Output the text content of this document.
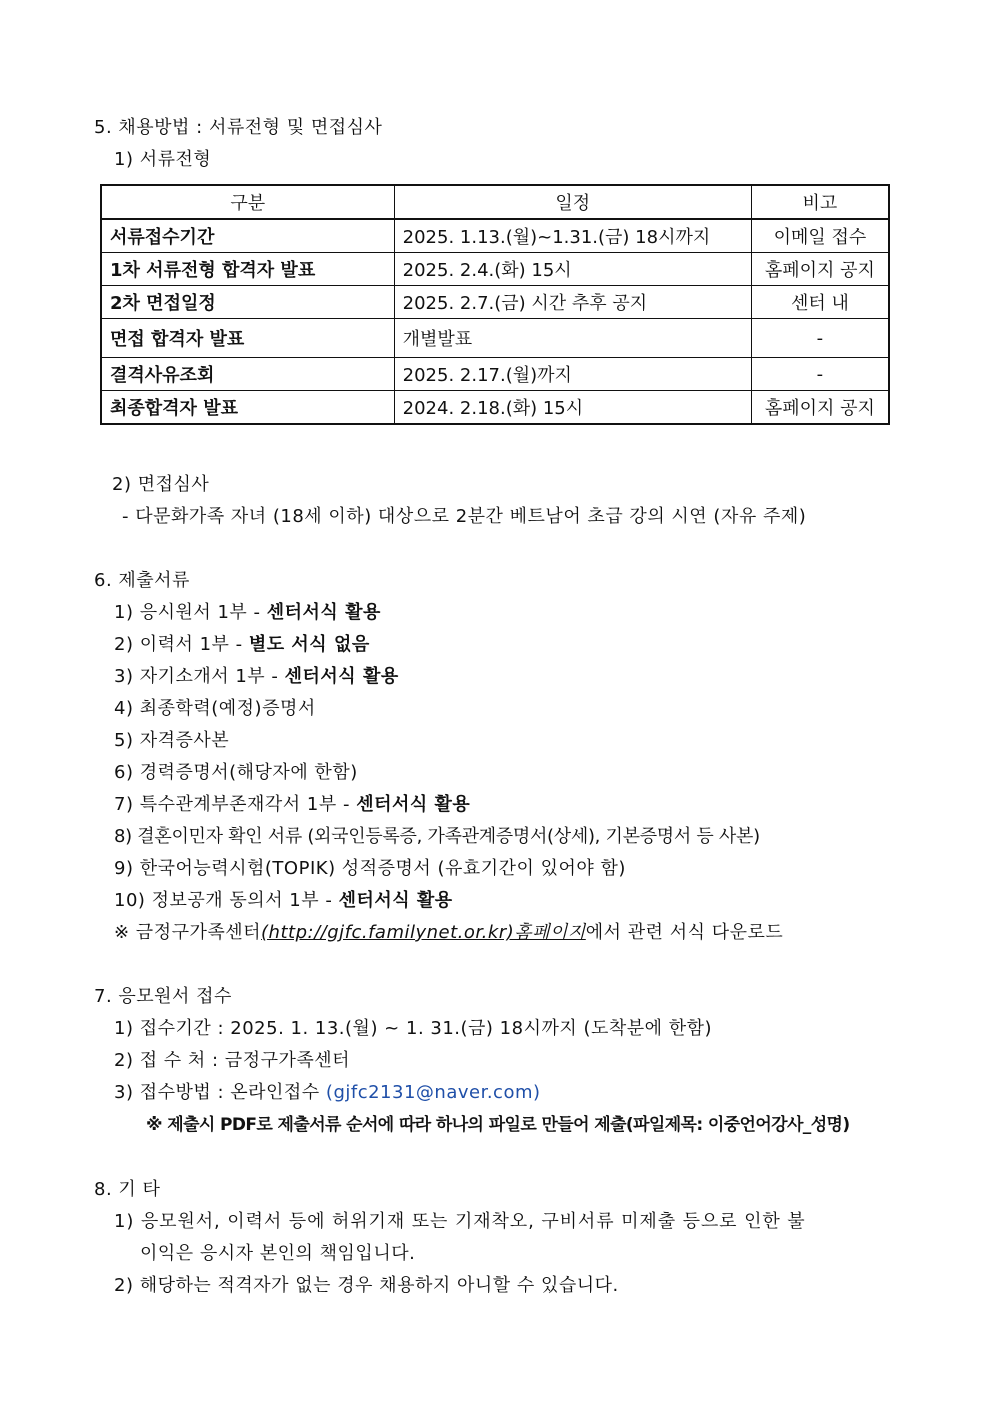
5. 채용방법 : 서류전형 및 면접심사
1) 서류전형
구분	일정	비고
서류접수기간	2025. 1.13.(월)~1.31.(금) 18시까지	이메일 접수
1차 서류전형 합격자 발표	2025. 2.4.(화) 15시	홈페이지 공지
2차 면접일정	2025. 2.7.(금) 시간 추후 공지	센터 내
면접 합격자 발표	개별발표	-
결격사유조회	2025. 2.17.(월)까지	-
최종합격자 발표	2024. 2.18.(화) 15시	홈페이지 공지
2) 면접심사
- 다문화가족 자녀 (18세 이하) 대상으로 2분간 베트남어 초급 강의 시연 (자유 주제)
6. 제출서류
1) 응시원서 1부 - 센터서식 활용
2) 이력서 1부 - 별도 서식 없음
3) 자기소개서 1부 - 센터서식 활용
4) 최종학력(예정)증명서
5) 자격증사본
6) 경력증명서(해당자에 한함)
7) 특수관계부존재각서 1부 - 센터서식 활용
8) 결혼이민자 확인 서류 (외국인등록증, 가족관계증명서(상세), 기본증명서 등 사본)
9) 한국어능력시험(TOPIK) 성적증명서 (유효기간이 있어야 함)
10) 정보공개 동의서 1부 - 센터서식 활용
※ 금정구가족센터(http://gjfc.familynet.or.kr)홈페이지에서 관련 서식 다운로드
7. 응모원서 접수
1) 접수기간 : 2025. 1. 13.(월) ~ 1. 31.(금) 18시까지 (도착분에 한함)
2) 접 수 처 : 금정구가족센터
3) 접수방법 : 온라인접수 (gjfc2131@naver.com)
※ 제출시 PDF로 제출서류 순서에 따라 하나의 파일로 만들어 제출(파일제목: 이중언어강사_성명)
8. 기 타
1) 응모원서, 이력서 등에 허위기재 또는 기재착오, 구비서류 미제출 등으로 인한 불
이익은 응시자 본인의 책임입니다.
2) 해당하는 적격자가 없는 경우 채용하지 아니할 수 있습니다.
